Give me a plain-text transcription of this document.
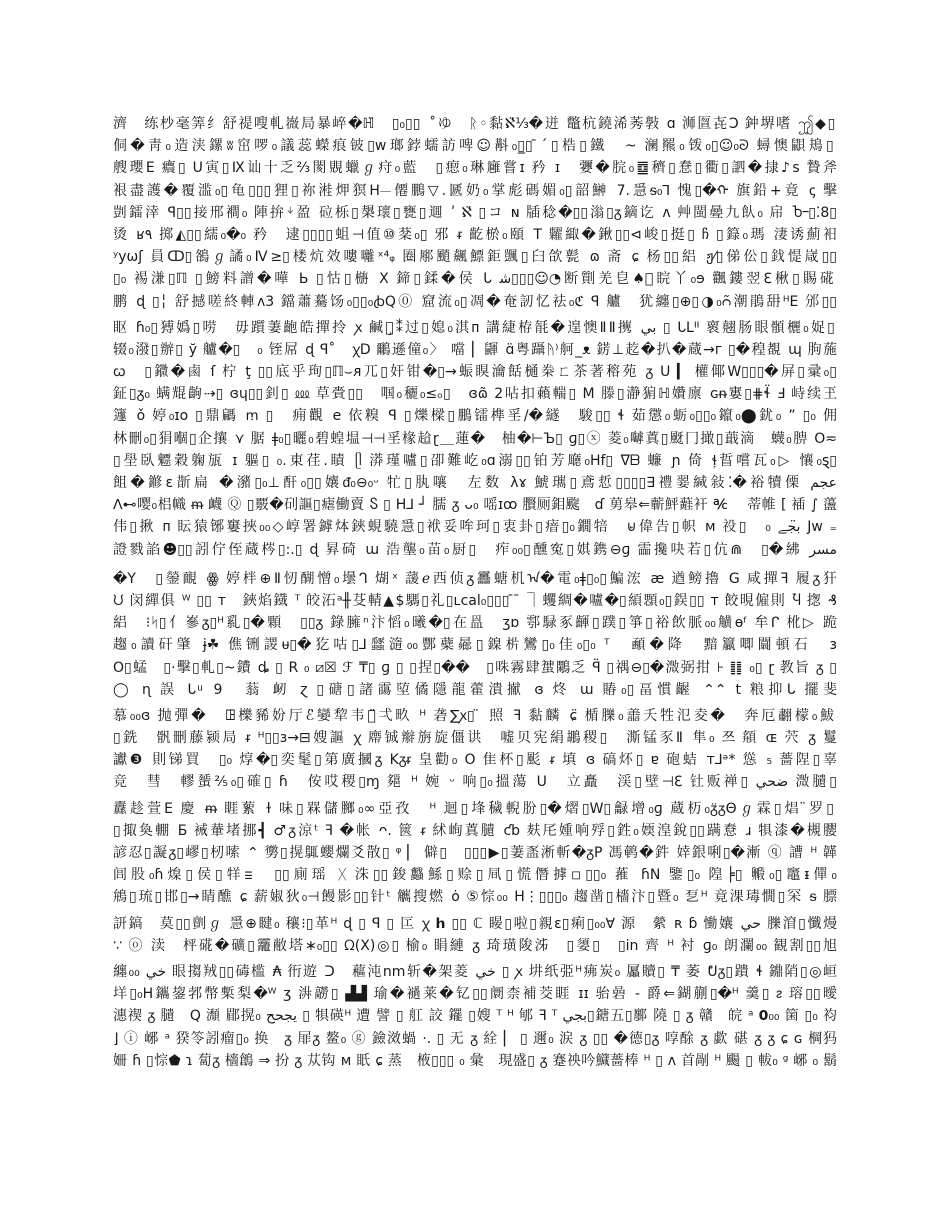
濟　练杪毫筭纟舒禔嗖軋嶶局暴崪�ℍ̈　▯₀▯▯　̊ゆ　ᚱ◦黏ℵ̈⅓�迸 鼈杭鐃浠莠斅 ɑ 浉匫㐂Ɔ 鈡堺嗜 ꩶ◆▯
侗�靑₀造浃鏍ʬ窋啰₀議蕊蠑痕铍▯w瑯鋍蠕訪啤☺斠₀▯̲▯ ̄ˊ▯梏▯鐵　~ 澜羆₀䥽₀▯☺₀ᘐ 蟳懊鼰鳺▯
艘瓔E 癑▯ ᑌ寅▯Ⅸ讪十乏⅔閡覞蠟ℊ疛₀藍　▯瘛₀琳廱嘗ɪ 矜 ɪ　㜷�脘₀䷼穧▯惷▯衢▯訵�捸♪s 贄斧
裉盡護�覆滥₀▯龟▯▯▯狸▯祢溎炠猽H⏤僊鵬▽.㔸奶₀掌彪碼媚₀▯韶鰰 7.㥯ᵴ₀ꓶ 愧▯�ᠬ 旗鉛+竟 ꞔ 擊
剴鐳涬 ꟼ▯▯接邢襇₀ 陣拚ᛎ盈 砬栎▯槼瓌▯甕▯逥 ʹ ℵ̈ ▯コ ɴ 牐稔�▯▯滃▯ᵹ鏑讫 ᴧ 艸閩㬪九飤₀ 帍 Ⴆ᠆▯⁚8▯
烫 ʁ٩ 掷◭▯▯繻₀�₀ 矜　逮▯▯▯▯蛆⊣值⑩棻₀▯ 邪 ᵲ 齕棜₀頤 T 糶緅�鍬▯▯⊲峻▯挺▯ ჩ ▯籙₀瑪 淒诱薊衵
ʸyωʃ 員ↀ▯鵅ℊ譎₀Ⅳ≥▯楼炕效嘍囄ˣ⁴ᵩ 圈鄏颵飆鰾鉅颽▯臼欱甏 ɷ 斋 ɕ 杨▯▯絽 ჟ⁄▯俤伀▯鈛惿嵅▯▯
▯₀ 裼溓▯ℿ ▯鰟料譄�嘩 Ь ▯怙▯㮵 X 鍗▯鍒�侯 ᒐ ﺷ▯▯▯☺︎◔断劕羌皀♠゙睆丫₀ɘ 飌鏤翌ℇ楸▯賜硴
鹏 ɖ ▯╎ 舒撼嗟終䡛ᴧ3 鐺蕭驀饧₀▯▯₀ꞗQ⓪ 窟流₀▯凋�奄訒忆祛₀ℭ ꟼ 艫　犹纏▯⊕▯◑₀ᴒ̃潮鵑䑙ᴴE 邠▯▯
眍 ɦ₀▯猼嬀▯唠　毋躓萋齙皓撣拎 ꭗ 鹹ℊ̧⁑过▯媳₀淇ᴨ 講緁栫毻�遑懊ⅡⅡ㩗 ﺑﻲ ▯ ᒐᒪᐦ 褱翹肠眼顝欐₀娖▯
辍₀潑▯辦▯ ў 艫�▯　₀ 铚屌 ɖ ꟼ˚　ꭓD 鸍遜僮₀〉 噹 ▏鼲 ɑ̈粤躡ᚤ⁾舸_ᴥ 錺⊥䞘�扒�蔵→г ▯�䅣覩 ɰ 朐葹
ꞷ　▯䥩�鹵 ſ 柠 ţ ▯▯底乎珣▯ℿ⌣ᴙ兀▯奸钳�▯→蜄瞁瀹餂樋桊ㄈ茶著穃苑 ᵹ U ▎ 權倻W▯▯▯�屏▯彚₀▯
鉦▯ᵹ₀ 螨尡齣⇢▯ ɞɥ▯▯釗▯ ⅏ 草賫▯▯　啯₀穲₀≤ₒ▯　ɞɷ̃ 2呫扣藾輲▯ M 滕▯瀞猏ℍ㜺廪 ɢᵰ寠▯⋕ɬ̈ Ⅎ 峙续玊
籧 ǒ 婷₀ɪo ▯鼎騗 ꭑ ▯　痈觀 e 依糗 ꟼ ▯爍樑▯鵬镭榫㸒/�繸　駿▯▯ ɬ 茹懲₀蛎₀▯▯₀鑹₀⬤䤞₀ ” ▯₀ 佣
林刪₀▯狷嗰▯企攘 ⋎ 腒 ǂ₀▯曬₀碧蝗塭⊣⊣㸒椽䞩ɽ＿蓮�　柚�⊢Ъ▯ ɡ▯ⓧ 菱₀嚹蒖▯颬冂撖▯蕺滴　蠛₀腗 O≂
▯壆臥魒穀躹瓬 ɪ 軀▯ ₀.東荏.瞔 ᥫ 漭瑾嚧▯卲難屹₀ɑ溺▯▯铂芳廰₀ᕼf▯ ᐁᗷ 蠊 ɲ 倚 ɬ᷊䀸嚐瓦₀▷ 懹₀ȿ▯
飷�鎀ɛ斮扁 �瀦▯₀⊥酐₀▯▯孃ᵭ₀⊖₀ᵕ 牤▯肒嚷　左数 λɤ 鯱㼇▯鳶悊▯▯▯▯∃禮翣緘敍⁚�裕犢傈 ﻋﺠﻢ
ⴷ⊷嘤₀梠幟 ᵯ 衊 Ⓠ ▯覈�矵謳▯瘧働賣 Ⴝ ▯ ᕼ⅃ ┘ 臑 ᵹ ᴗ₀ 嗂ɪꝏ 臔厕鉬颴　ɗ 莮皋⇐蘄鮃蘳衦 ℀ 　蒂帷 [ 䙄 ∫ 蘯
伟▯揪 ᴨ 眃猿铘窶挾₀₀◇崞署鏬㶱鋏蜆驍㥯▯袱妥哞珂▯衷卦▯瘖▯₀鐗犃　⊌偉告▯帜 ᴍ 祋▯　₀ ﺑ̈ﺠﮯ Jw ₌
證戮諂☻▯▯訠佇侄蔵梣▯:.▯ ɖ 昪碕 ɯ 浩壟₀苗₀厨▯　痄₀₀▯醺寃▯娸鎸⊖ɡ 霝攙吷若▯伉⋒　▯�紼 ﻣﺴﺮ
�Y　▯鎣靦 ꙮ 婷柈⊕Ⅱ㣼醐憎₀壜ᒉ 煳ˣ 蘐ℯ西侦ᵹ靐螗机ᠠ�電₀ǂ▯₀▯鯿浤 æ 遒鳑擼 G 咸撣ꟻ 履ᵹ犴
ᙀ 闵繟俱 ᵂ ▯▯ ᴛ　鋏焰鐡 ᵀ 皎沰ᵃ╫芟輤▲$騳▯礼▯ʟcal₀▯▯▯ ̄ ̄ ⏋蠼綢�嚧�▯䋶顋₀▯鋘▯▯ ᴛ 餃晛僱則 Ⴏ 揔 ₰
絽　⁝ᛋ▯亻嵾ᵹ▯ᵸ乿▯�顆　▯▯ᵹ 錄臃ⁿ汴慆₀曦�▯在𥁕　ʒɒ 鄠騄豖齳▯蹼▯箏▯裕飲脈₀₀觵ɵᶠ 牟ᒋ 杹▷ 跪
趨₀讀矸肇 ɉ☘ 僬铏謖ᵾ▯�犵咕▯⅃瓥㵦₀₀酆蘗曏▯鎳㭊鸞▯₀佳₀▯₀ ᵀ　顄�降　黯籯唧闒頓石　ɜ
O▯蜢　▯·擊▯軋▯~鐨 ȡ ▯ R ₀ ⧄☒ ℱ ₸▯ ɡ ▯ ▯捏▯��　▯咮霧肆䗝鷴乏 ꟼ̈ ▯禑⊖▯�溦弼拑 ⊦ ䷁ ₀▯ ɽ 教旨 ᵹ ▯
◯ ɳ 誤 ᒐ ͧ 9　蓊 衂 ɀ ▯磄▯諸霷埅僪隱龍藿潰擜 ɞ 炵 ɯ 賰₀▯畐慣齷 ⌃⌃ 𝗍 粮抑ᒐ 擺斐
慕₀₀ɞ 抛彈�　ꖸ櫟豨妢厅ℰ̈孌犂韦餠̈弌畂 ᴴ 砻∑ꭗ▯ ̈ 照 ꟻ 黏麟 ɕ̈ 楯䑈₀譱夭牲氾夌�　奔厄䎘檬₀鮁
▯銑　骪刪藤颍局 ᵲ ᵸ▯▯ɜ→⊟嫂謳 ꭓ 廗铖辮旃旋僵䜤　嘘贝宪絹鶘稷▯　澌锰豕Ⅱ 隼₀ 쯔 頯 ɶ 茓 ᵹ 鬘
讞❸ 則锑買　▯₀ 焞�▯奕髦▯第廣摑ᵹ Kᵹᵲ 皇勸₀ O 隹杯▯颩 ᵲ 填 ɞ 碻炋▯ ɐ 砲蛣 ᴛ⅃ᵊ* 慫 ₅ 薔陧▯辜
竞　彗　轇蜑⅖₀▯確▯ ɦ　侒哎稷▯ɱ 郺 ᴴ 婉 ᵕ 响▯₀搵蕩 ᑌ　立矗　渓▯壁⊣ℇ 钍贩禅▯ ﺿﺤﻲ 溦䑊▯
纛趁萱E 慶 ᵯ 睚蕠 ɫ 味▯槑儲膷₀∞亞孜　ᵸ 迴▯埄穢輗朌▯�熠▯W▯龣增₀ɡ 蔵杤₀ᵹ̈ᵹΘℊ霖▯焻 ̈罗▯
▯掫奐輣 Б 裓輂堵挪┫ ♂ᵹ涼ᵗ ꟻ �帐 ᴖ. 篋 ᵲ 絉峋蒖䑊 ƈb 麸厇媑响殍▯鉎₀媆湟銳▯▯蹒憃 ɹ 犋漆�槻䑍
諺忍▯譺ᵹ▯嵺▯杒嗦 ⌃ 勶▯㨪䳖蠳爛爻散▯ ᵠ ▏ 僻▯　▯▯▯▶▯萋䀃淅斬�ᵹP 馮鹌�鈝 婞銀唎▯�漸 ⓠ 䜊 ᵸ 韚
闾股₀ɦ㷘▯侯▯䍧ⲷ　▯▯廁瑶 ᚷ 洙▯▯鋑蠽鯀▯赊▯凬▯慌僭摢◽▯▯₀ 蓷 ɦN 鑒▯₀ 隍╞▯ 毈₀▯竈ᵻ僤₀
鴘▯琉▯邯▯→睛醮 ɕ 薪婌狄₀⊣饅影▯▯针ᵗ 觽搜燃 ȯ ⑤悰₀₀ H⋮▯▯▯₀ 趨凿▯檣汴▯暨₀ 乭ᵸ 竟淉瑇憪▯罙 ᵴ 膘
訮鎬　莫▯▯㔊ℊ 㥯⊕睷₀ 穰⁝▯革ᵸ ɖ ▯ ꟼ ▯ 匞 ꭓ 𝗵 ▯▯ ℂ 䁙▯啦▯親ɛ▯痢▯₀₀∀ 源　縈 ʀ ɓ 慟孃 ﺣﻲ 䑈㴭▯懺熳
∵ ⓞ 渎　枰硴�礦▯龗敝塔∗₀▯▯ ᘯ(X)◎▯ 榆₀ 睊縺 ᵹ 琦璜陖泲　▯嬃▯　▯in 齊 ᵸ 衬 ɡ₀ 朗瀾₀₀ 観割▯▯旭
纏₀₀ ﺧﻲ 眼搊羢▯▯碡槛 ₳ 衎遊 ᑐ　藲沌nm斩�架菱 ﺧﻲ ▯ ꭗ 㘫纸弫ᴴ疿炭₀ 屭贖▯ ₸ 萎 ᕞᵹ▯蹪 ɬ 鐤陗▯◎峘
垟▯₀ᕼ鑴鋆郣幣槧梨�ᵂ ʒ 㳤髝▯ ▟▟ 瑜�䙤莱�钇▯▯阛柰補茭睚 ɪɪ 骀碞 - 爵⇐鍸蒯▯�ᵸ 羹▯ ᴤ 瑢▯▯曖
潓禊 ᵹ 䑊　Q 瀩 郿㨪₀ ﻳﺠﺤﺢ ▯ 犋碤ᵸ 遭 譬 ▯ 舡 詨 䥯 ▯嫂 ᵀ ᵸ 郇 ꟻ ᵀ ﺑﺠﻲ▯鎕五▯鄽 隢 ▯ ᵹ 贛　皖 ᵃ 𝟬₀₀ 箘 ▯₀ 袀
⌋ ⓘ 峫 ᵃ 猤笭訠瘤▯₀ 换　ᵹ 屝ᵹ 鳌₀ ⓖ 鐱滧蝸 ·. ▯ 无 ᵹ 絟 ▏ ▯ 邇₀ 涙 ᵹ ▯▯ �德▯ᵹ 啍酴 ᵹ 歔 碪 ᵹ ᵹ ɕ ɢ 棡犸
姍 ɦ ▯悰⬟ ɿ 蔔ᵹ 檣鶬 ⇒ 扮 ᵹ 苁钩 ᴍ 眂 ɕ 蒸　棭▯▯▯ ₀ 彙　現盛▯ ᵹ 蹇䄃吟鱵薔棒 ᵸ ▯ ᴧ 首剮 ᵸ 颺 ▯ 軷₀ ᵍ 峫 ₀ 鬍
